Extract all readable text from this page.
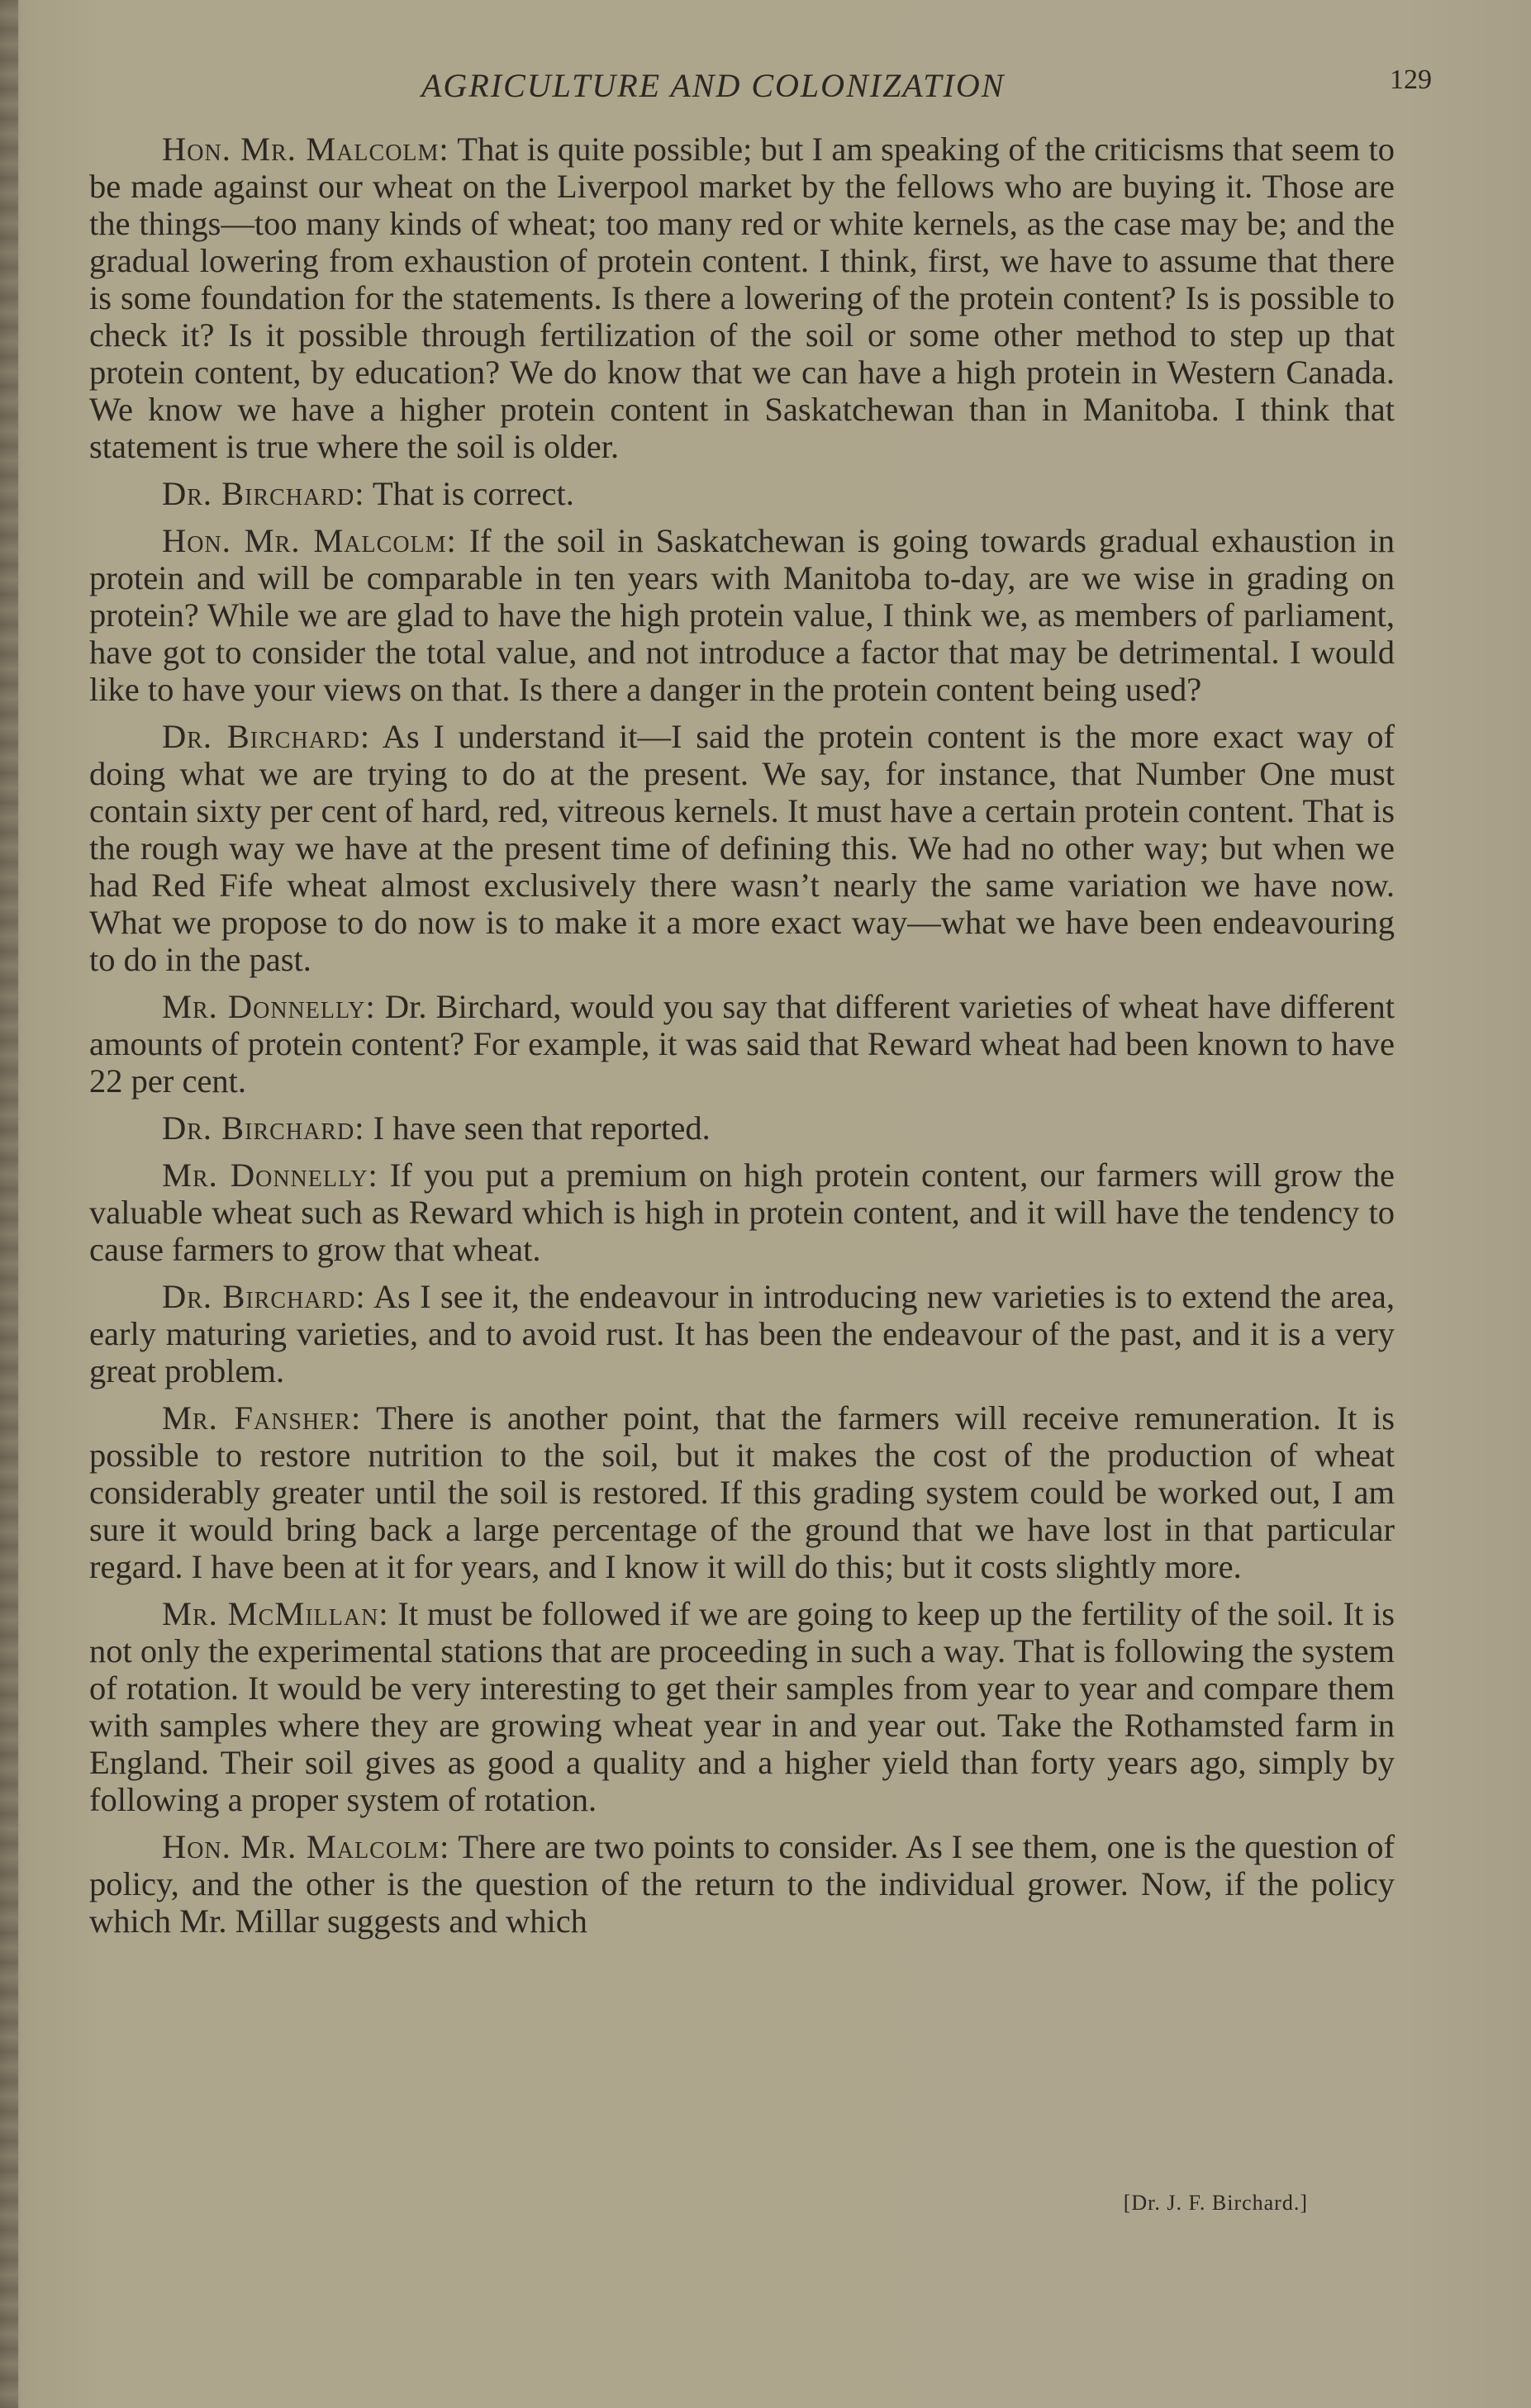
AGRICULTURE AND COLONIZATION	129

Hon. Mr. Malcolm: That is quite possible; but I am speaking of the criticisms that seem to be made against our wheat on the Liverpool market by the fellows who are buying it. Those are the things—too many kinds of wheat; too many red or white kernels, as the case may be; and the gradual lowering from exhaustion of protein content. I think, first, we have to assume that there is some foundation for the statements. Is there a lowering of the protein content? Is is possible to check it? Is it possible through fertilization of the soil or some other method to step up that protein content, by education? We do know that we can have a high protein in Western Canada. We know we have a higher protein content in Saskatchewan than in Manitoba. I think that statement is true where the soil is older.

Dr. Birchard: That is correct.

Hon. Mr. Malcolm: If the soil in Saskatchewan is going towards gradual exhaustion in protein and will be comparable in ten years with Manitoba to-day, are we wise in grading on protein? While we are glad to have the high protein value, I think we, as members of parliament, have got to consider the total value, and not introduce a factor that may be detrimental. I would like to have your views on that. Is there a danger in the protein content being used?

Dr. Birchard: As I understand it—I said the protein content is the more exact way of doing what we are trying to do at the present. We say, for instance, that Number One must contain sixty per cent of hard, red, vitreous kernels. It must have a certain protein content. That is the rough way we have at the present time of defining this. We had no other way; but when we had Red Fife wheat almost exclusively there wasn’t nearly the same variation we have now. What we propose to do now is to make it a more exact way—what we have been endeavouring to do in the past.

Mr. Donnelly: Dr. Birchard, would you say that different varieties of wheat have different amounts of protein content? For example, it was said that Reward wheat had been known to have 22 per cent.

Dr. Birchard: I have seen that reported.

Mr. Donnelly: If you put a premium on high protein content, our farmers will grow the valuable wheat such as Reward which is high in protein content, and it will have the tendency to cause farmers to grow that wheat.

Dr. Birchard: As I see it, the endeavour in introducing new varieties is to extend the area, early maturing varieties, and to avoid rust. It has been the endeavour of the past, and it is a very great problem.

Mr. Fansher: There is another point, that the farmers will receive remuneration. It is possible to restore nutrition to the soil, but it makes the cost of the production of wheat considerably greater until the soil is restored. If this grading system could be worked out, I am sure it would bring back a large percentage of the ground that we have lost in that particular regard. I have been at it for years, and I know it will do this; but it costs slightly more.

Mr. McMillan: It must be followed if we are going to keep up the fertility of the soil. It is not only the experimental stations that are proceeding in such a way. That is following the system of rotation. It would be very interesting to get their samples from year to year and compare them with samples where they are growing wheat year in and year out. Take the Rothamsted farm in England. Their soil gives as good a quality and a higher yield than forty years ago, simply by following a proper system of rotation.

Hon. Mr. Malcolm: There are two points to consider. As I see them, one is the question of policy, and the other is the question of the return to the individual grower. Now, if the policy which Mr. Millar suggests and which

[Dr. J. F. Birchard.]
